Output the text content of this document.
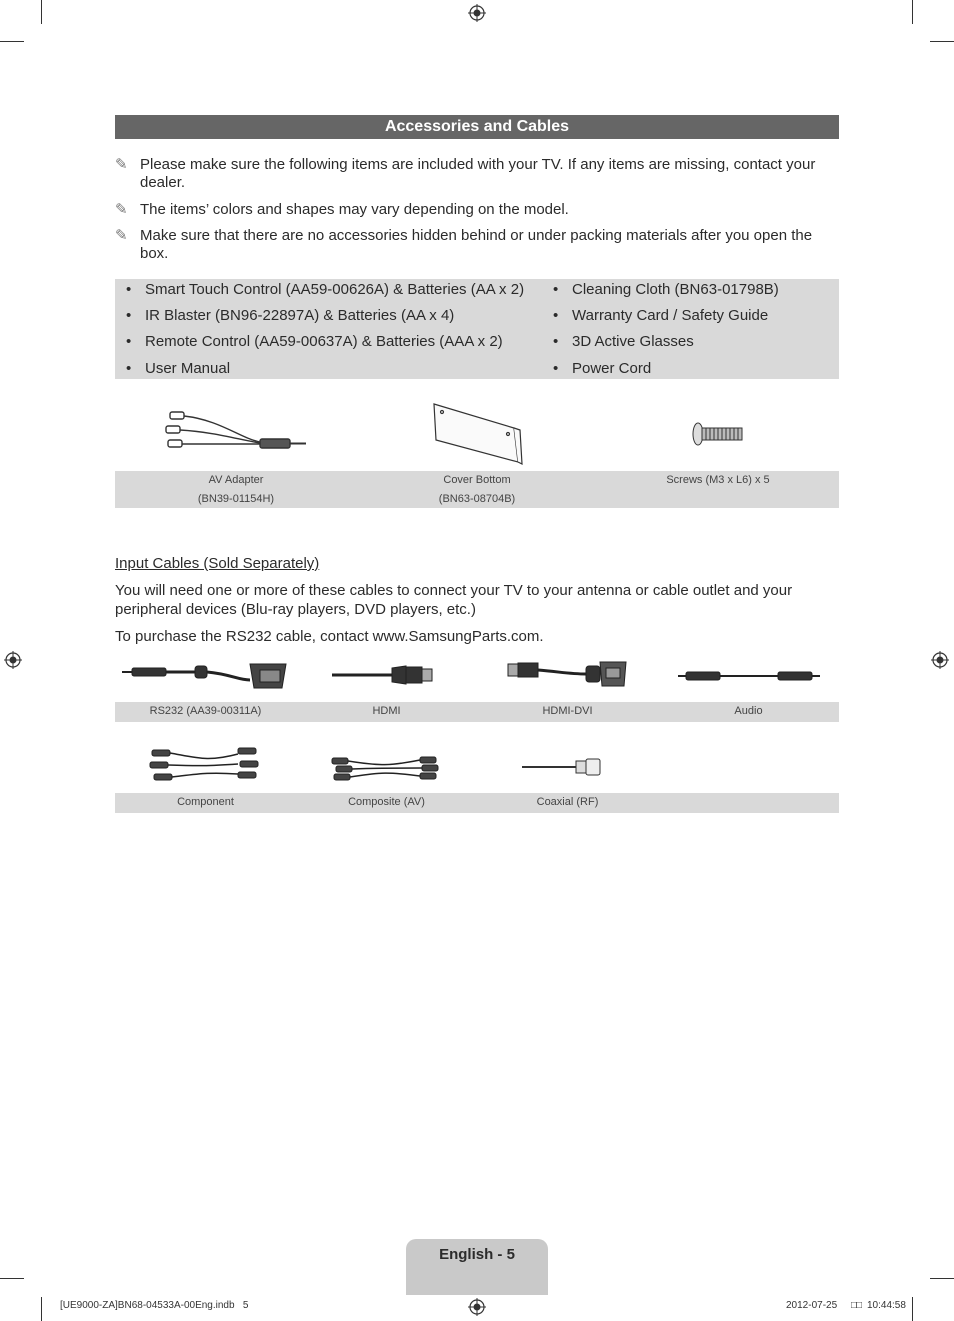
Accessories and Cables
✎ Please make sure the following items are included with your TV. If any items are missing, contact your dealer.
✎ The items’ colors and shapes may vary depending on the model.
✎ Make sure that there are no accessories hidden behind or under packing materials after you open the box.
• Smart Touch Control (AA59-00626A) & Batteries (AA x 2)
• IR Blaster (BN96-22897A) & Batteries (AA x 4)
• Remote Control (AA59-00637A) & Batteries (AAA x 2)
• User Manual
• Cleaning Cloth (BN63-01798B)
• Warranty Card / Safety Guide
• 3D Active Glasses
• Power Cord
AV Adapter
(BN39-01154H)
Cover Bottom
(BN63-08704B)
Screws (M3 x L6) x 5
Input Cables (Sold Separately)
You will need one or more of these cables to connect your TV to your antenna or cable outlet and your peripheral devices (Blu-ray players, DVD players, etc.)
To purchase the RS232 cable, contact www.SamsungParts.com.
RS232 (AA39-00311A)	HDMI	HDMI-DVI	Audio
Component	Composite (AV)	Coaxial (RF)
English - 5
[UE9000-ZA]BN68-04533A-00Eng.indb   5	2012-07-25 □□ 10:44:58
